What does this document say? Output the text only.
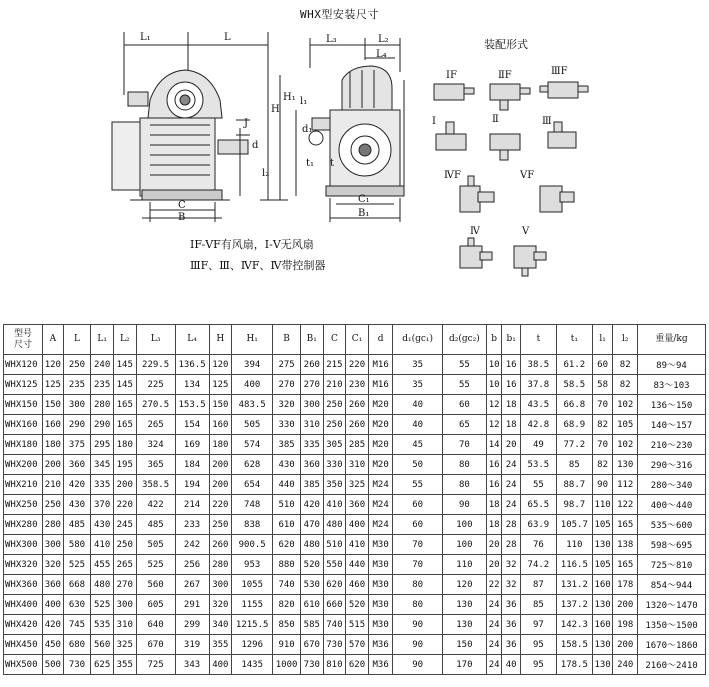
WHX型安装尺寸
装配形式
L₁	L
C
B
H
H₁
J
d
L₃	L₂
L₄
C₁
B₁
l₁
d₁
t₁ t
l₂
ⅠF	ⅡF	ⅢF
Ⅰ	Ⅱ	Ⅲ
ⅣF	ⅤF
Ⅳ	Ⅴ
ⅠF-ⅤF有风扇，Ⅰ-Ⅴ无风扇
ⅢF、Ⅲ、ⅣF、Ⅳ带控制器
型号
尺寸	A	L	L₁	L₂	L₃	L₄	H	H₁	B	B₁	C	C₁	d	d₁(gc₁)	d₂(gc₂)	b	b₁	t	t₁	l₁	l₂	重量/kg
WHX120	120	250	240	145	229.5	136.5	120	394	275	260	215	220	M16	35	55	10	16	38.5	61.2	60	82	89～94
WHX125	125	235	235	145	225	134	125	400	270	270	210	230	M16	35	55	10	16	37.8	58.5	58	82	83～103
WHX150	150	300	280	165	270.5	153.5	150	483.5	320	300	250	260	M20	40	60	12	18	43.5	66.8	70	102	136～150
WHX160	160	290	290	165	265	154	160	505	330	310	250	260	M20	40	65	12	18	42.8	68.9	82	105	140～157
WHX180	180	375	295	180	324	169	180	574	385	335	305	285	M20	45	70	14	20	49	77.2	70	102	210～230
WHX200	200	360	345	195	365	184	200	628	430	360	330	310	M20	50	80	16	24	53.5	85	82	130	290～316
WHX210	210	420	335	200	358.5	194	200	654	440	385	350	325	M24	55	80	16	24	55	88.7	90	112	280～340
WHX250	250	430	370	220	422	214	220	748	510	420	410	360	M24	60	90	18	24	65.5	98.7	110	122	400～440
WHX280	280	485	430	245	485	233	250	838	610	470	480	400	M24	60	100	18	28	63.9	105.7	105	165	535～600
WHX300	300	580	410	250	505	242	260	900.5	620	480	510	410	M30	70	100	20	28	76	110	130	138	598～695
WHX320	320	525	455	265	525	256	280	953	880	520	550	440	M30	70	110	20	32	74.2	116.5	105	165	725～810
WHX360	360	668	480	270	560	267	300	1055	740	530	620	460	M30	80	120	22	32	87	131.2	160	178	854～944
WHX400	400	630	525	300	605	291	320	1155	820	610	660	520	M30	80	130	24	36	85	137.2	130	200	1320～1470
WHX420	420	745	535	310	640	299	340	1215.5	850	585	740	515	M30	90	130	24	36	97	142.3	160	198	1350～1500
WHX450	450	680	560	325	670	319	355	1296	910	670	730	570	M36	90	150	24	36	95	158.5	130	200	1670～1860
WHX500	500	730	625	355	725	343	400	1435	1000	730	810	620	M36	90	170	24	40	95	178.5	130	240	2160～2410
